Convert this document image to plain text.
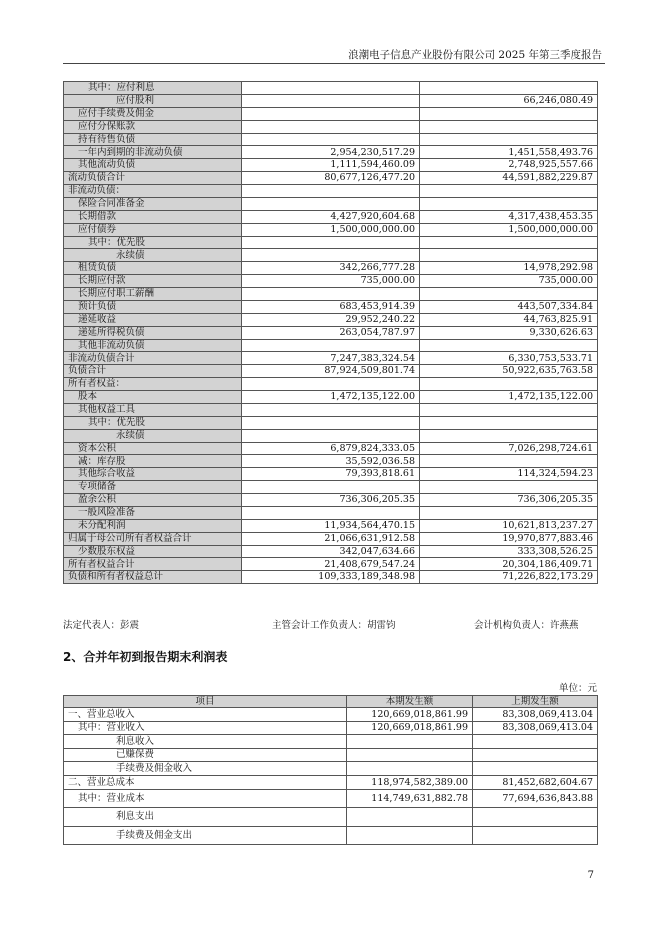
浪潮电子信息产业股份有限公司 2025 年第三季度报告
其中：应付利息		
应付股利		66,246,080.49
应付手续费及佣金		
应付分保账款		
持有待售负债		
一年内到期的非流动负债	2,954,230,517.29	1,451,558,493.76
其他流动负债	1,111,594,460.09	2,748,925,557.66
流动负债合计	80,677,126,477.20	44,591,882,229.87
非流动负债：		
保险合同准备金		
长期借款	4,427,920,604.68	4,317,438,453.35
应付债券	1,500,000,000.00	1,500,000,000.00
其中：优先股		
永续债		
租赁负债	342,266,777.28	14,978,292.98
长期应付款	735,000.00	735,000.00
长期应付职工薪酬		
预计负债	683,453,914.39	443,507,334.84
递延收益	29,952,240.22	44,763,825.91
递延所得税负债	263,054,787.97	9,330,626.63
其他非流动负债		
非流动负债合计	7,247,383,324.54	6,330,753,533.71
负债合计	87,924,509,801.74	50,922,635,763.58
所有者权益：		
股本	1,472,135,122.00	1,472,135,122.00
其他权益工具		
其中：优先股		
永续债		
资本公积	6,879,824,333.05	7,026,298,724.61
减：库存股	35,592,036.58	
其他综合收益	79,393,818.61	114,324,594.23
专项储备		
盈余公积	736,306,205.35	736,306,205.35
一般风险准备		
未分配利润	11,934,564,470.15	10,621,813,237.27
归属于母公司所有者权益合计	21,066,631,912.58	19,970,877,883.46
少数股东权益	342,047,634.66	333,308,526.25
所有者权益合计	21,408,679,547.24	20,304,186,409.71
负债和所有者权益总计	109,333,189,348.98	71,226,822,173.29
法定代表人：彭震	主管会计工作负责人：胡雷钧	会计机构负责人：许燕燕
2、合并年初到报告期末利润表
单位：元
项目	本期发生额	上期发生额
一、营业总收入	120,669,018,861.99	83,308,069,413.04
其中：营业收入	120,669,018,861.99	83,308,069,413.04
利息收入		
已赚保费		
手续费及佣金收入		
二、营业总成本	118,974,582,389.00	81,452,682,604.67
其中：营业成本	114,749,631,882.78	77,694,636,843.88
利息支出		
手续费及佣金支出		
7
